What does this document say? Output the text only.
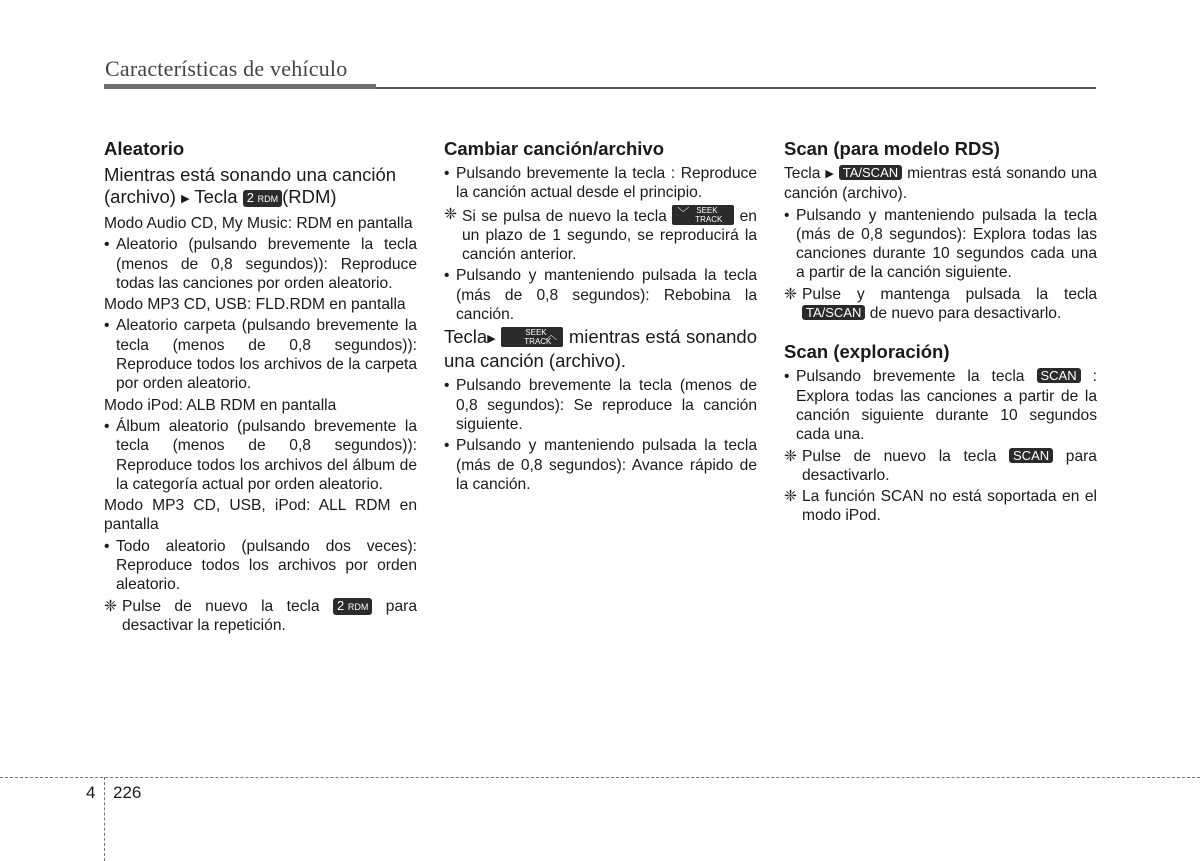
Características de vehículo
Aleatorio
Mientras está sonando una canción
(archivo) ▶ Tecla 2 RDM (RDM)
Modo Audio CD, My Music: RDM en pantalla
• Aleatorio (pulsando brevemente la tecla (menos de 0,8 segundos)): Reproduce todas las canciones por orden aleatorio.
Modo MP3 CD, USB: FLD.RDM en pantalla
• Aleatorio carpeta (pulsando brevemente la tecla (menos de 0,8 segundos)): Reproduce todos los archivos de la carpeta por orden aleatorio.
Modo iPod: ALB RDM en pantalla
• Álbum aleatorio (pulsando brevemente la tecla (menos de 0,8 segundos)): Reproduce todos los archivos del álbum de la categoría actual por orden aleatorio.
Modo MP3 CD, USB, iPod: ALL RDM en pantalla
• Todo aleatorio (pulsando dos veces): Reproduce todos los archivos por orden aleatorio.
❈ Pulse de nuevo la tecla 2 RDM para desactivar la repetición.
Cambiar canción/archivo
• Pulsando brevemente la tecla : Reproduce la canción actual desde el principio.
❈ Si se pulsa de nuevo la tecla ﹀ SEEK
TRACK en un plazo de 1 segundo, se reproducirá la canción anterior.
• Pulsando y manteniendo pulsada la tecla (más de 0,8 segundos): Rebobina la canción.
Tecla▶
SEEK
TRACK
︿ mientras está sonando una canción (archivo).
• Pulsando brevemente la tecla (menos de 0,8 segundos): Se reproduce la canción siguiente.
• Pulsando y manteniendo pulsada la tecla (más de 0,8 segundos): Avance rápido de la canción.
Scan (para modelo RDS)
Tecla ▶ TA/SCAN mientras está sonando una canción (archivo).
• Pulsando y manteniendo pulsada la tecla (más de 0,8 segundos): Explora todas las canciones durante 10 segundos cada una a partir de la canción siguiente.
❈ Pulse y mantenga pulsada la tecla TA/SCAN de nuevo para desactivarlo.
Scan (exploración)
• Pulsando brevemente la tecla SCAN : Explora todas las canciones a partir de la canción siguiente durante 10 segundos cada una.
❈ Pulse de nuevo la tecla SCAN para desactivarlo.
❈ La función SCAN no está soportada en el modo iPod.
4 226
